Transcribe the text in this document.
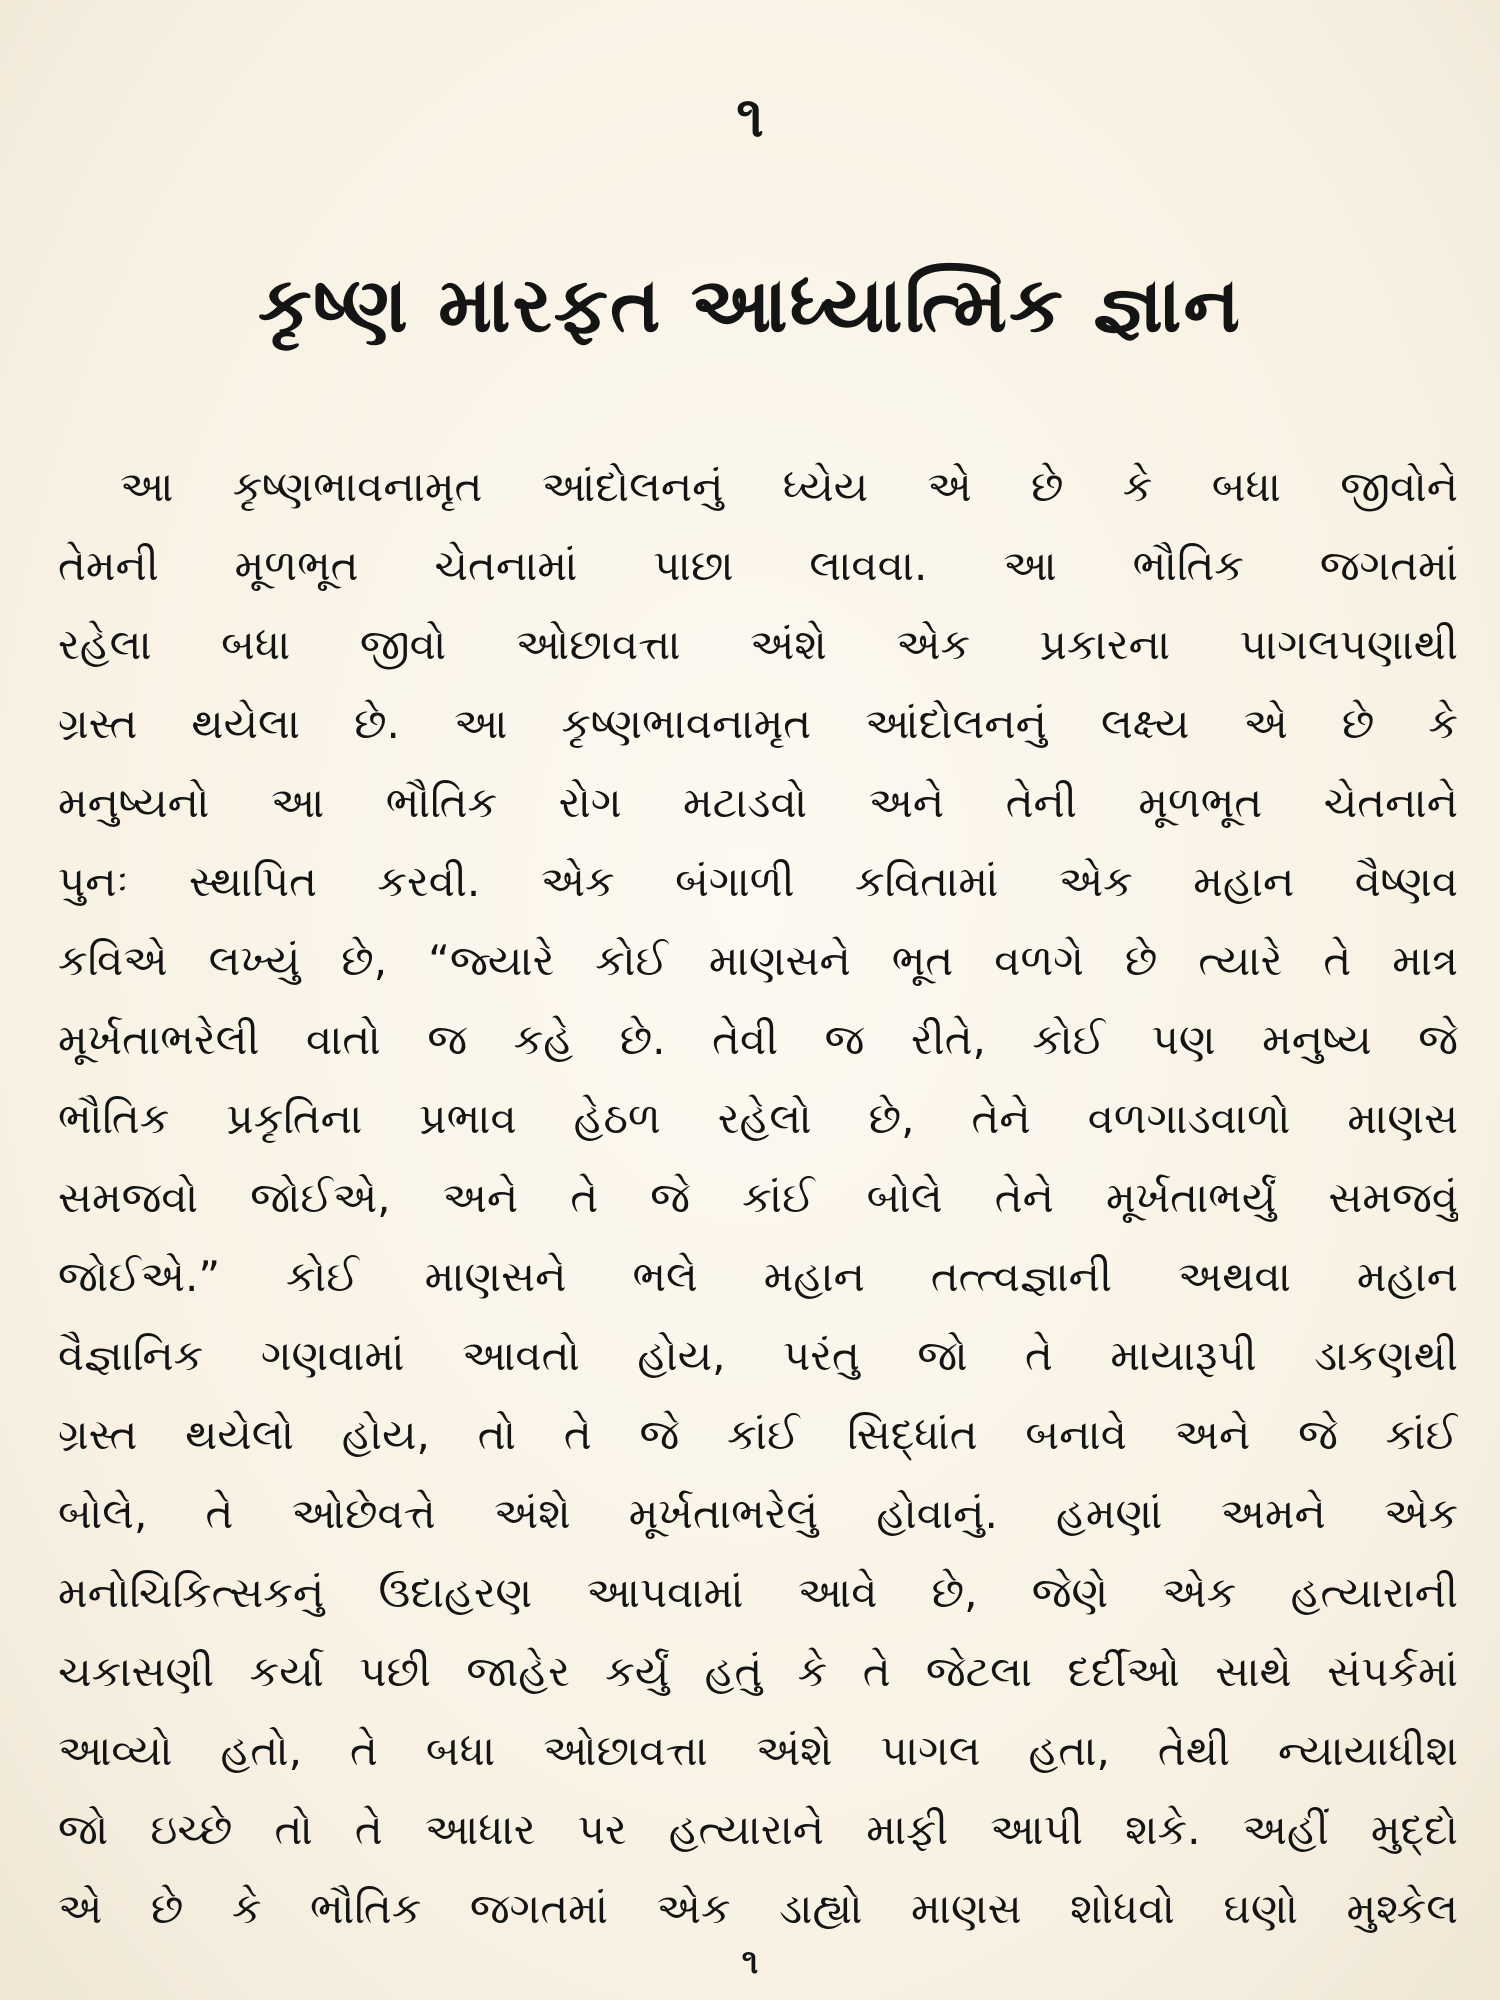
૧
કૃષ્ણ મારફત આધ્યાત્મિક જ્ઞાન
આ કૃષ્ણભાવનામૃત આંદોલનનું ધ્યેય એ છે કે બધા જીવોને
તેમની મૂળભૂત ચેતનામાં પાછા લાવવા. આ ભૌતિક જગતમાં
રહેલા બધા જીવો ઓછાવત્તા અંશે એક પ્રકારના પાગલપણાથી
ગ્રસ્ત થયેલા છે. આ કૃષ્ણભાવનામૃત આંદોલનનું લક્ષ્ય એ છે કે
મનુષ્યનો આ ભૌતિક રોગ મટાડવો અને તેની મૂળભૂત ચેતનાને
પુનઃ સ્થાપિત કરવી. એક બંગાળી કવિતામાં એક મહાન વૈષ્ણવ
કવિએ લખ્યું છે, “જ્યારે કોઈ માણસને ભૂત વળગે છે ત્યારે તે માત્ર
મૂર્ખતાભરેલી વાતો જ કહે છે. તેવી જ રીતે, કોઈ પણ મનુષ્ય જે
ભૌતિક પ્રકૃતિના પ્રભાવ હેઠળ રહેલો છે, તેને વળગાડવાળો માણસ
સમજવો જોઈએ, અને તે જે કાંઈ બોલે તેને મૂર્ખતાભર્યું સમજવું
જોઈએ.” કોઈ માણસને ભલે મહાન તત્ત્વજ્ઞાની અથવા મહાન
વૈજ્ઞાનિક ગણવામાં આવતો હોય, પરંતુ જો તે માયારૂપી ડાકણથી
ગ્રસ્ત થયેલો હોય, તો તે જે કાંઈ સિદ્ધાંત બનાવે અને જે કાંઈ
બોલે, તે ઓછેવત્તે અંશે મૂર્ખતાભરેલું હોવાનું. હમણાં અમને એક
મનોચિકિત્સકનું ઉદાહરણ આપવામાં આવે છે, જેણે એક હત્યારાની
ચકાસણી કર્યા પછી જાહેર કર્યું હતું કે તે જેટલા દર્દીઓ સાથે સંપર્કમાં
આવ્યો હતો, તે બધા ઓછાવત્તા અંશે પાગલ હતા, તેથી ન્યાયાધીશ
જો ઇચ્છે તો તે આધાર પર હત્યારાને માફી આપી શકે. અહીં મુદ્દો
એ છે કે ભૌતિક જગતમાં એક ડાહ્યો માણસ શોધવો ઘણો મુશ્કેલ
૧
